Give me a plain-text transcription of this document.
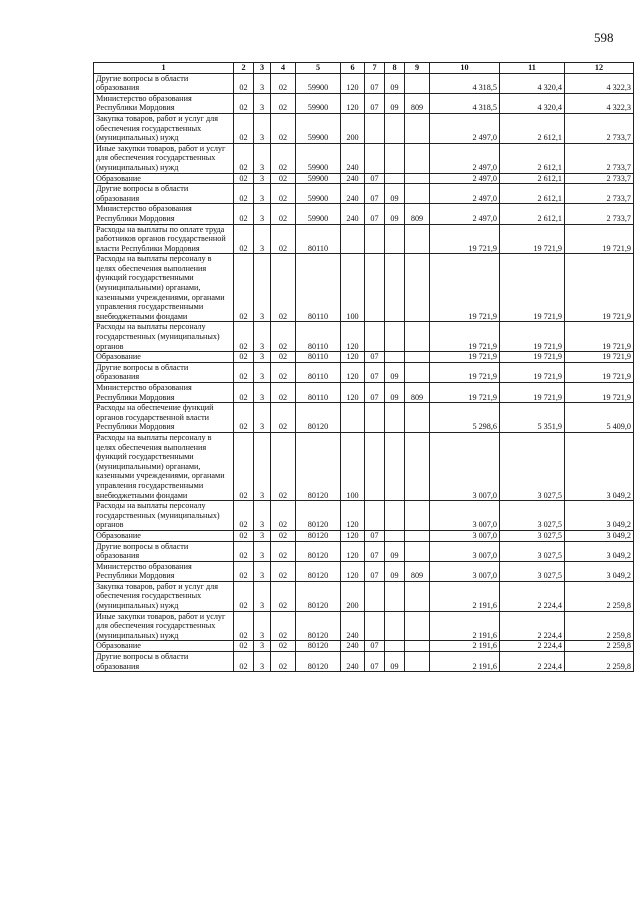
598
1	2	3	4	5	6	7	8	9	10	11	12
Другие вопросы в области образования	02	3	02	59900	120	07	09		4 318,5	4 320,4	4 322,3
Министерство образования Республики Мордовия	02	3	02	59900	120	07	09	809	4 318,5	4 320,4	4 322,3
Закупка товаров, работ и услуг для обеспечения государственных (муниципальных) нужд	02	3	02	59900	200				2 497,0	2 612,1	2 733,7
Иные закупки товаров, работ и услуг для обеспечения государственных (муниципальных) нужд	02	3	02	59900	240				2 497,0	2 612,1	2 733,7
Образование	02	3	02	59900	240	07			2 497,0	2 612,1	2 733,7
Другие вопросы в области образования	02	3	02	59900	240	07	09		2 497,0	2 612,1	2 733,7
Министерство образования Республики Мордовия	02	3	02	59900	240	07	09	809	2 497,0	2 612,1	2 733,7
Расходы на выплаты по оплате труда работников органов государственной власти Республики Мордовия	02	3	02	80110					19 721,9	19 721,9	19 721,9
Расходы на выплаты персоналу в целях обеспечения выполнения функций государственными (муниципальными) органами, казенными учреждениями, органами управления государственными внебюджетными фондами	02	3	02	80110	100				19 721,9	19 721,9	19 721,9
Расходы на выплаты персоналу государственных (муниципальных) органов	02	3	02	80110	120				19 721,9	19 721,9	19 721,9
Образование	02	3	02	80110	120	07			19 721,9	19 721,9	19 721,9
Другие вопросы в области образования	02	3	02	80110	120	07	09		19 721,9	19 721,9	19 721,9
Министерство образования Республики Мордовия	02	3	02	80110	120	07	09	809	19 721,9	19 721,9	19 721,9
Расходы на обеспечение функций органов государственной власти Республики Мордовия	02	3	02	80120					5 298,6	5 351,9	5 409,0
Расходы на выплаты персоналу в целях обеспечения выполнения функций государственными (муниципальными) органами, казенными учреждениями, органами управления государственными внебюджетными фондами	02	3	02	80120	100				3 007,0	3 027,5	3 049,2
Расходы на выплаты персоналу государственных (муниципальных) органов	02	3	02	80120	120				3 007,0	3 027,5	3 049,2
Образование	02	3	02	80120	120	07			3 007,0	3 027,5	3 049,2
Другие вопросы в области образования	02	3	02	80120	120	07	09		3 007,0	3 027,5	3 049,2
Министерство образования Республики Мордовия	02	3	02	80120	120	07	09	809	3 007,0	3 027,5	3 049,2
Закупка товаров, работ и услуг для обеспечения государственных (муниципальных) нужд	02	3	02	80120	200				2 191,6	2 224,4	2 259,8
Иные закупки товаров, работ и услуг для обеспечения государственных (муниципальных) нужд	02	3	02	80120	240				2 191,6	2 224,4	2 259,8
Образование	02	3	02	80120	240	07			2 191,6	2 224,4	2 259,8
Другие вопросы в области образования	02	3	02	80120	240	07	09		2 191,6	2 224,4	2 259,8
